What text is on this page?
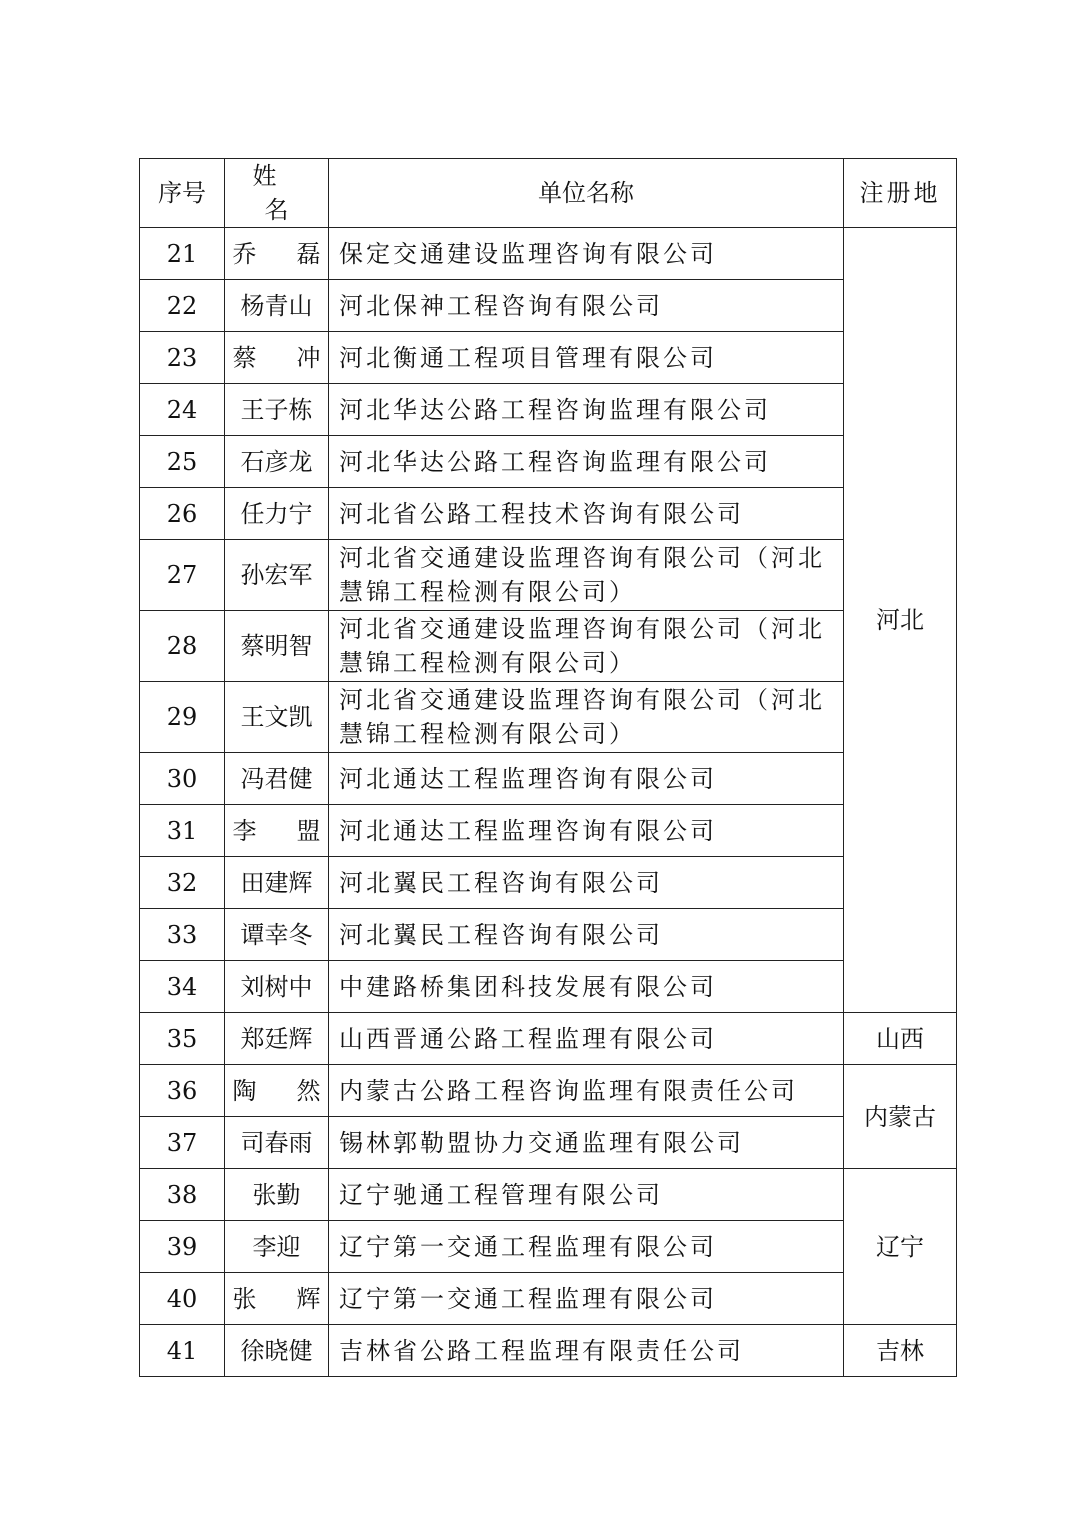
序号	姓 名	单位名称	注册地
21	乔磊	保定交通建设监理咨询有限公司	河北
22	杨青山	河北保神工程咨询有限公司	
23	蔡冲	河北衡通工程项目管理有限公司	
24	王子栋	河北华达公路工程咨询监理有限公司	
25	石彦龙	河北华达公路工程咨询监理有限公司	
26	任力宁	河北省公路工程技术咨询有限公司	
27	孙宏军	河北省交通建设监理咨询有限公司（河北慧锦工程检测有限公司）	
28	蔡明智	河北省交通建设监理咨询有限公司（河北慧锦工程检测有限公司）	
29	王文凯	河北省交通建设监理咨询有限公司（河北慧锦工程检测有限公司）	
30	冯君健	河北通达工程监理咨询有限公司	
31	李盟	河北通达工程监理咨询有限公司	
32	田建辉	河北翼民工程咨询有限公司	
33	谭幸冬	河北翼民工程咨询有限公司	
34	刘树中	中建路桥集团科技发展有限公司	
35	郑廷辉	山西晋通公路工程监理有限公司	山西
36	陶然	内蒙古公路工程咨询监理有限责任公司	内蒙古
37	司春雨	锡林郭勒盟协力交通监理有限公司	
38	张勤	辽宁驰通工程管理有限公司	辽宁
39	李迎	辽宁第一交通工程监理有限公司	
40	张辉	辽宁第一交通工程监理有限公司	
41	徐晓健	吉林省公路工程监理有限责任公司	吉林
